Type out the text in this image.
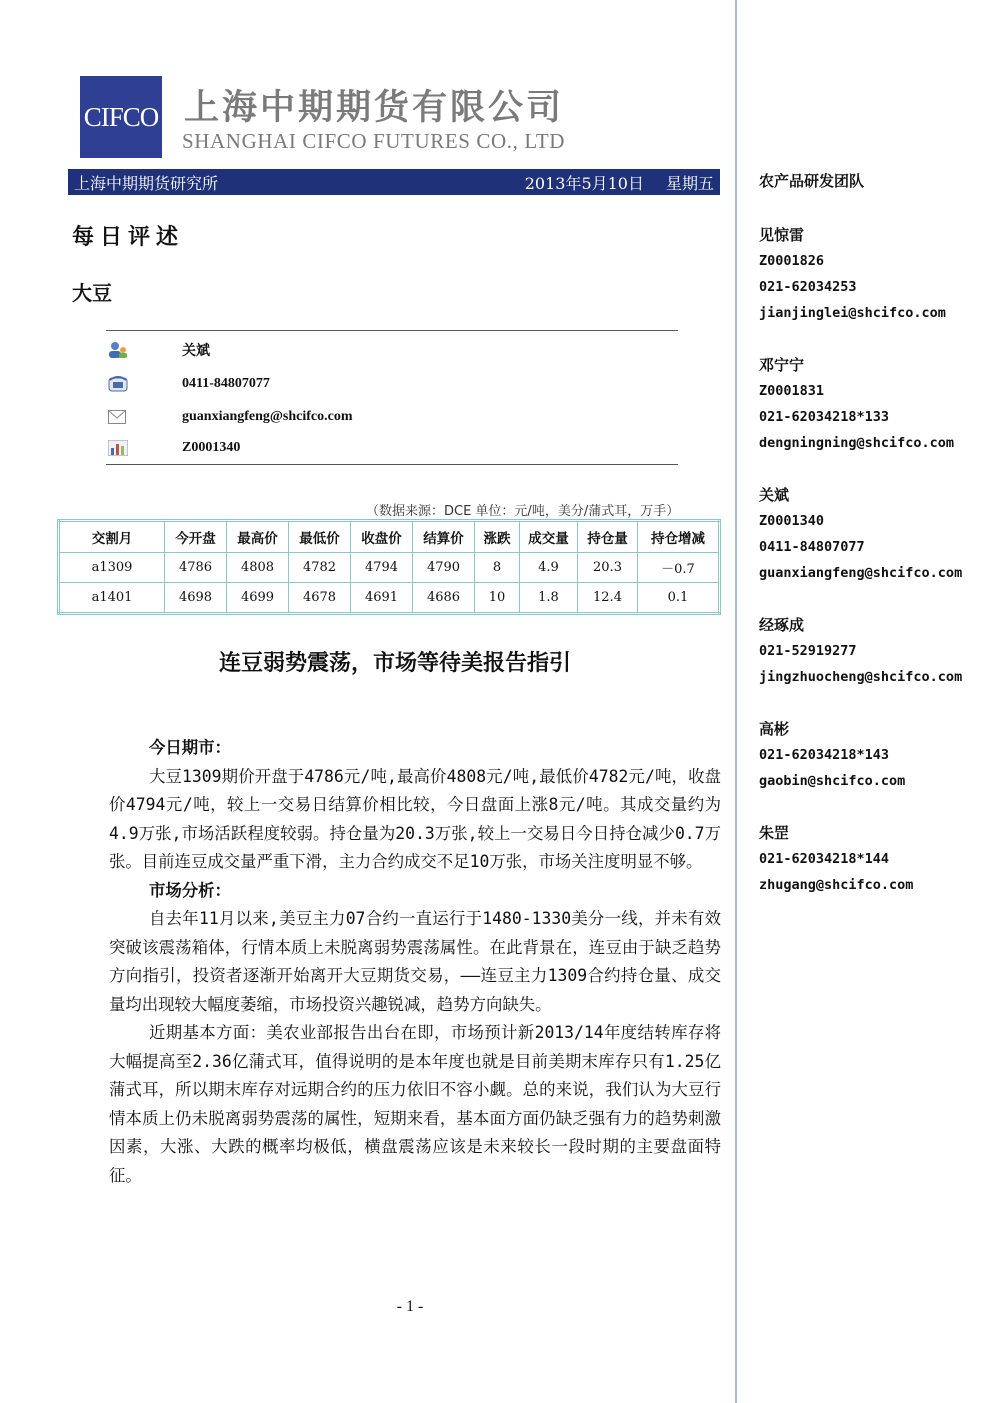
CIFCO 上海中期期货有限公司
SHANGHAI CIFCO FUTURES CO., LTD
上海中期期货研究所	2013年5月10日 星期五
每日评述
大豆
关斌
0411-84807077
guanxiangfeng@shcifco.com
Z0001340
（数据来源：DCE 单位：元/吨，美分/蒲式耳，万手）
交割月	今开盘	最高价	最低价	收盘价	结算价	涨跌	成交量	持仓量	持仓增减
a1309	4786	4808	4782	4794	4790	8	4.9	20.3	－0.7
a1401	4698	4699	4678	4691	4686	10	1.8	12.4	0.1
连豆弱势震荡，市场等待美报告指引
今日期市：

大豆1309期价开盘于4786元/吨,最高价4808元/吨,最低价4782元/吨，收盘价4794元/吨，较上一交易日结算价相比较，今日盘面上涨8元/吨。其成交量约为4.9万张,市场活跃程度较弱。持仓量为20.3万张,较上一交易日今日持仓减少0.7万张。目前连豆成交量严重下滑，主力合约成交不足10万张，市场关注度明显不够。

市场分析：

自去年11月以来,美豆主力07合约一直运行于1480-1330美分一线，并未有效突破该震荡箱体，行情本质上未脱离弱势震荡属性。在此背景在，连豆由于缺乏趋势方向指引，投资者逐渐开始离开大豆期货交易，——连豆主力1309合约持仓量、成交量均出现较大幅度萎缩，市场投资兴趣锐减，趋势方向缺失。

近期基本方面：美农业部报告出台在即，市场预计新2013/14年度结转库存将大幅提高至2.36亿蒲式耳，值得说明的是本年度也就是目前美期末库存只有1.25亿蒲式耳，所以期末库存对远期合约的压力依旧不容小觑。总的来说，我们认为大豆行情本质上仍未脱离弱势震荡的属性，短期来看，基本面方面仍缺乏强有力的趋势刺激因素，大涨、大跌的概率均极低，横盘震荡应该是未来较长一段时期的主要盘面特征。

- 1 -
农产品研发团队
见惊雷
Z0001826
021-62034253
jianjinglei@shcifco.com
邓宁宁
Z0001831
021-62034218*133
dengningning@shcifco.com
关斌
Z0001340
0411-84807077
guanxiangfeng@shcifco.com
经琢成
021-52919277
jingzhuocheng@shcifco.com
高彬
021-62034218*143
gaobin@shcifco.com
朱罡
021-62034218*144
zhugang@shcifco.com
